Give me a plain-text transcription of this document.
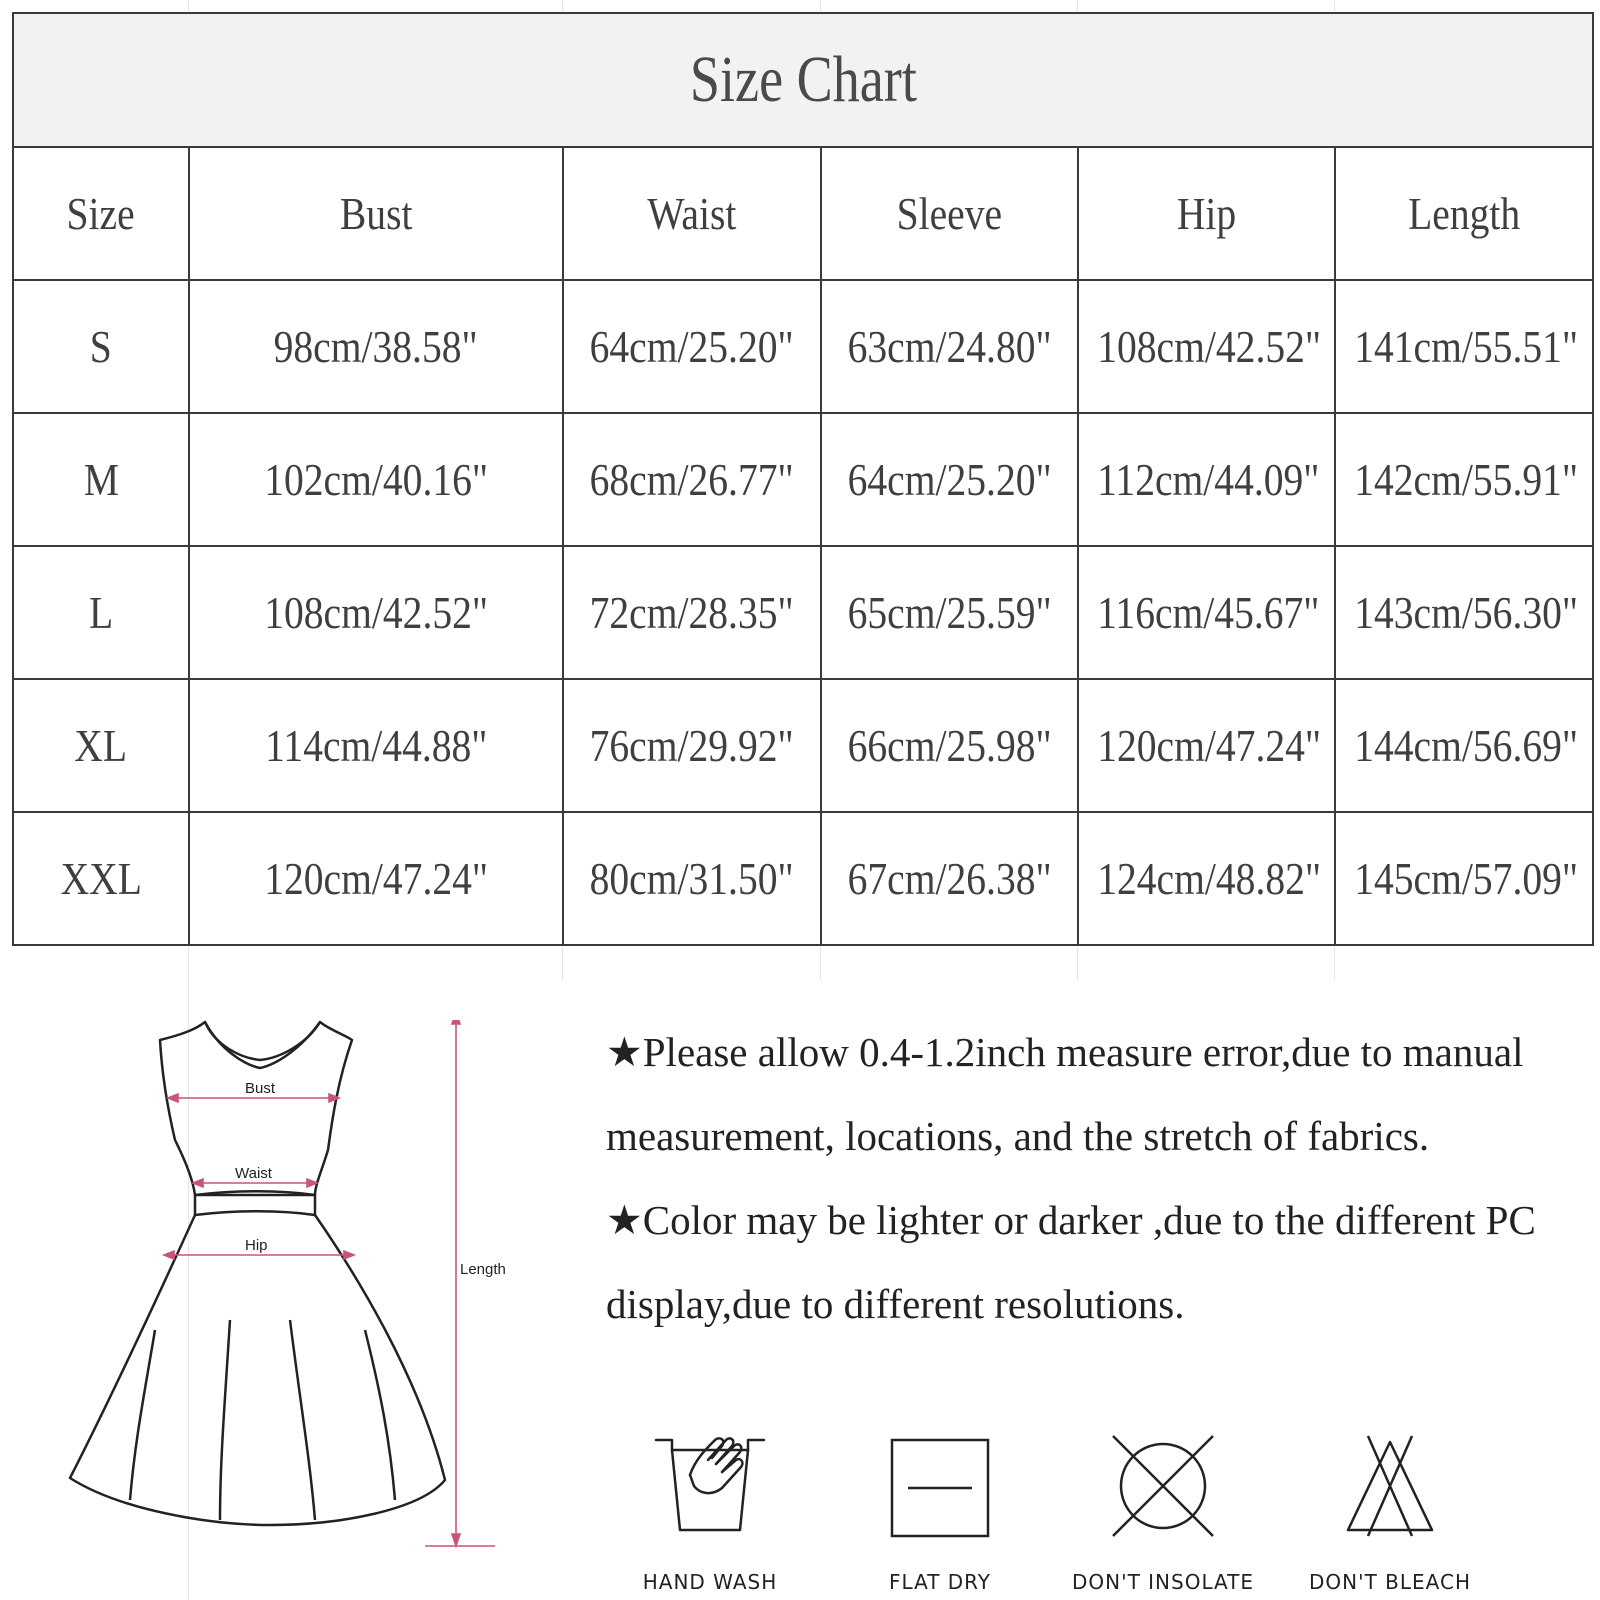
Size Chart					
Size	Bust	Waist	Sleeve	Hip	Length
S	98cm/38.58"	64cm/25.20"	63cm/24.80"	108cm/42.52"	141cm/55.51"
M	102cm/40.16"	68cm/26.77"	64cm/25.20"	112cm/44.09"	142cm/55.91"
L	108cm/42.52"	72cm/28.35"	65cm/25.59"	116cm/45.67"	143cm/56.30"
XL	114cm/44.88"	76cm/29.92"	66cm/25.98"	120cm/47.24"	144cm/56.69"
XXL	120cm/47.24"	80cm/31.50"	67cm/26.38"	124cm/48.82"	145cm/57.09"
Bust
Waist
Hip
Length

★Please allow 0.4-1.2inch measure error,due to manual measurement, locations, and the stretch of fabrics.

★Color may be lighter or darker ,due to the different PC display,due to different resolutions.

HAND WASH	FLAT DRY	DON'T INSOLATE	DON'T BLEACH
